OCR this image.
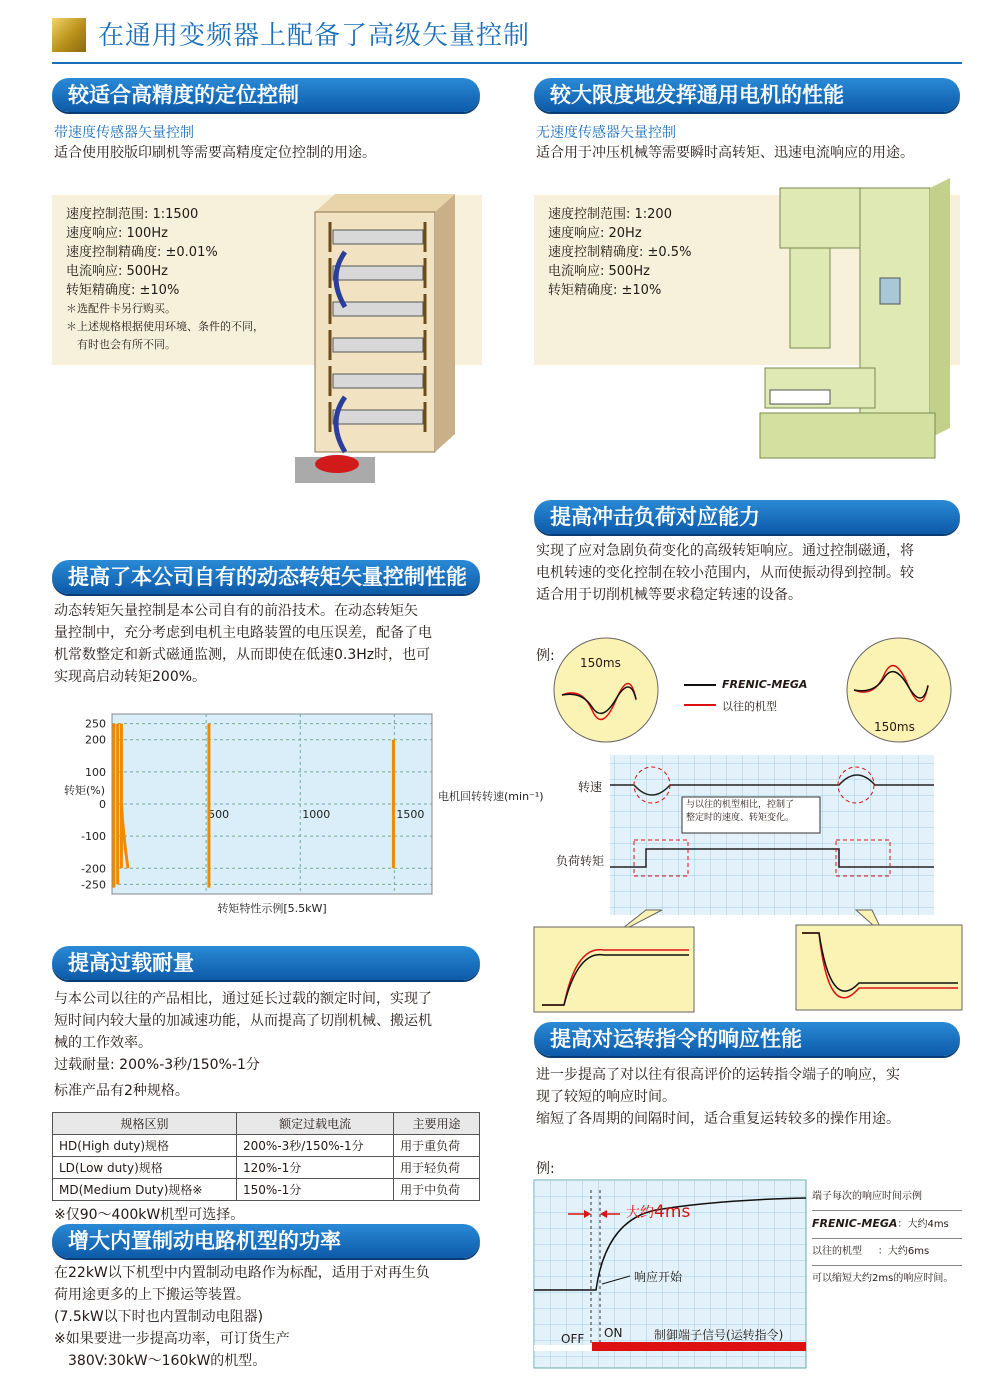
在通用变频器上配备了高级矢量控制
较适合高精度的定位控制
带速度传感器矢量控制
适合使用胶版印刷机等需要高精度定位控制的用途。
速度控制范围: 1:1500
速度响应: 100Hz
速度控制精确度: ±0.01%
电流响应: 500Hz
转矩精确度: ±10%
＊选配件卡另行购买。
＊上述规格根据使用环境、条件的不同，
　有时也会有所不同。
较大限度地发挥通用电机的性能
无速度传感器矢量控制
适合用于冲压机械等需要瞬时高转矩、迅速电流响应的用途。
速度控制范围: 1:200
速度响应: 20Hz
速度控制精确度: ±0.5%
电流响应: 500Hz
转矩精确度: ±10%
提高冲击负荷对应能力
实现了应对急剧负荷变化的高级转矩响应。通过控制磁通，将
电机转速的变化控制在较小范围内，从而使振动得到控制。较
适合用于切削机械等要求稳定转速的设备。
例: 150ms
150ms
FRENIC-MEGA
以往的机型
转速
负荷转矩
与以往的机型相比，控制了
整定时的速度、转矩变化。
提高了本公司自有的动态转矩矢量控制性能
动态转矩矢量控制是本公司自有的前沿技术。在动态转矩矢
量控制中，充分考虑到电机主电路装置的电压误差，配备了电
机常数整定和新式磁通监测，从而即使在低速0.3Hz时，也可
实现高启动转矩200%。
250
200
100
0
-100
-200
-250
500	1000	1500
转矩(%)	电机回转转速(min⁻¹)
转矩特性示例[5.5kW]
提高过载耐量
与本公司以往的产品相比，通过延长过载的额定时间，实现了
短时间内较大量的加减速功能，从而提高了切削机械、搬运机
械的工作效率。
过载耐量: 200%-3秒/150%-1分
标准产品有2种规格。
规格区别	额定过载电流	主要用途
HD(High duty)规格	200%-3秒/150%-1分	用于重负荷
LD(Low duty)规格	120%-1分	用于轻负荷
MD(Medium Duty)规格※	150%-1分	用于中负荷
※仅90～400kW机型可选择。
增大内置制动电路机型的功率
在22kW以下机型中内置制动电路作为标配，适用于对再生负
荷用途更多的上下搬运等装置。
(7.5kW以下时也内置制动电阻器)
※如果要进一步提高功率，可订货生产
　380V:30kW～160kW的机型。
提高对运转指令的响应性能
进一步提高了对以往有很高评价的运转指令端子的响应，实
现了较短的响应时间。
缩短了各周期的间隔时间，适合重复运转较多的操作用途。
例:
大约4ms
响应开始
OFF ON	制御端子信号(运转指令)
端子每次的响应时间示例
FRENIC-MEGA：大约4ms
以往的机型 ：大约6ms
可以缩短大约2ms的响应时间。
